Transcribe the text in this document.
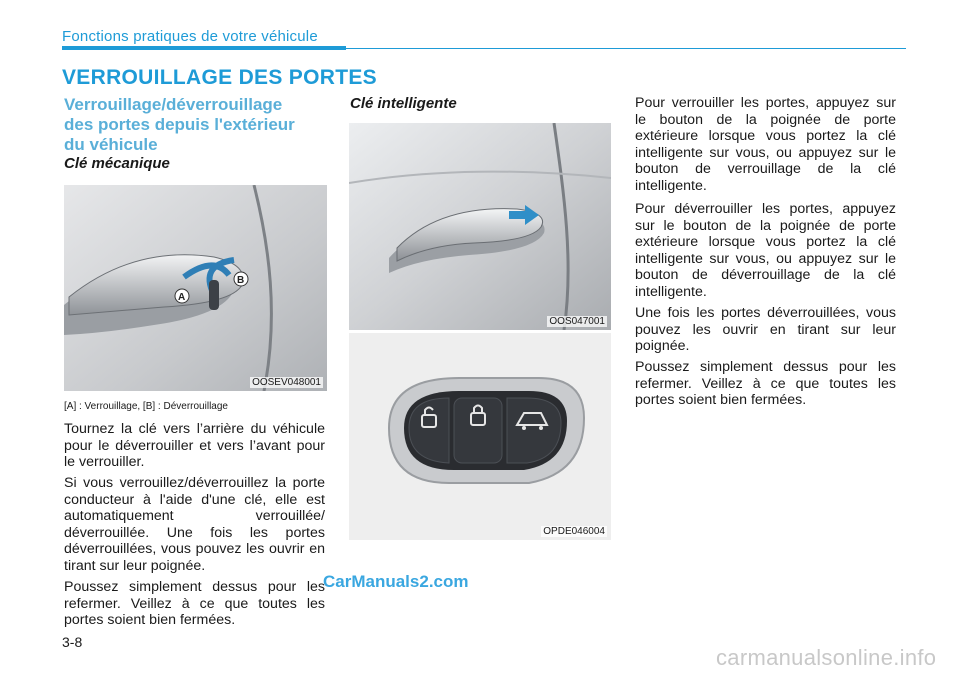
Fonctions pratiques de votre véhicule
VERROUILLAGE DES PORTES
Verrouillage/déverrouillage
des portes depuis l'extérieur
du véhicule
Clé mécanique
A
B
OOSEV048001
[A] : Verrouillage, [B] : Déverrouillage

Tournez la clé vers l’arrière du véhicule pour le déverrouiller et vers l’avant pour le verrouiller.

Si vous verrouillez/déverrouillez la porte conducteur à l'aide d'une clé, elle est automatiquement verrouillée/ déverrouillée. Une fois les portes déverrouillées, vous pouvez les ouvrir en tirant sur leur poignée.

Poussez simplement dessus pour les refermer. Veillez à ce que toutes les portes soient bien fermées.

Clé intelligente
OOS047001
OPDE046004

Pour verrouiller les portes, appuyez sur le bouton de la poignée de porte extérieure lorsque vous portez la clé intelligente sur vous, ou appuyez sur le bouton de verrouillage de la clé intelligente.

Pour déverrouiller les portes, appuyez sur le bouton de la poignée de porte extérieure lorsque vous portez la clé intelligente sur vous, ou appuyez sur le bouton de déverrouillage de la clé intelligente.

Une fois les portes déverrouillées, vous pouvez les ouvrir en tirant sur leur poignée.

Poussez simplement dessus pour les refermer. Veillez à ce que toutes les portes soient bien fermées.

3-8
CarManuals2.com
carmanualsonline.info
